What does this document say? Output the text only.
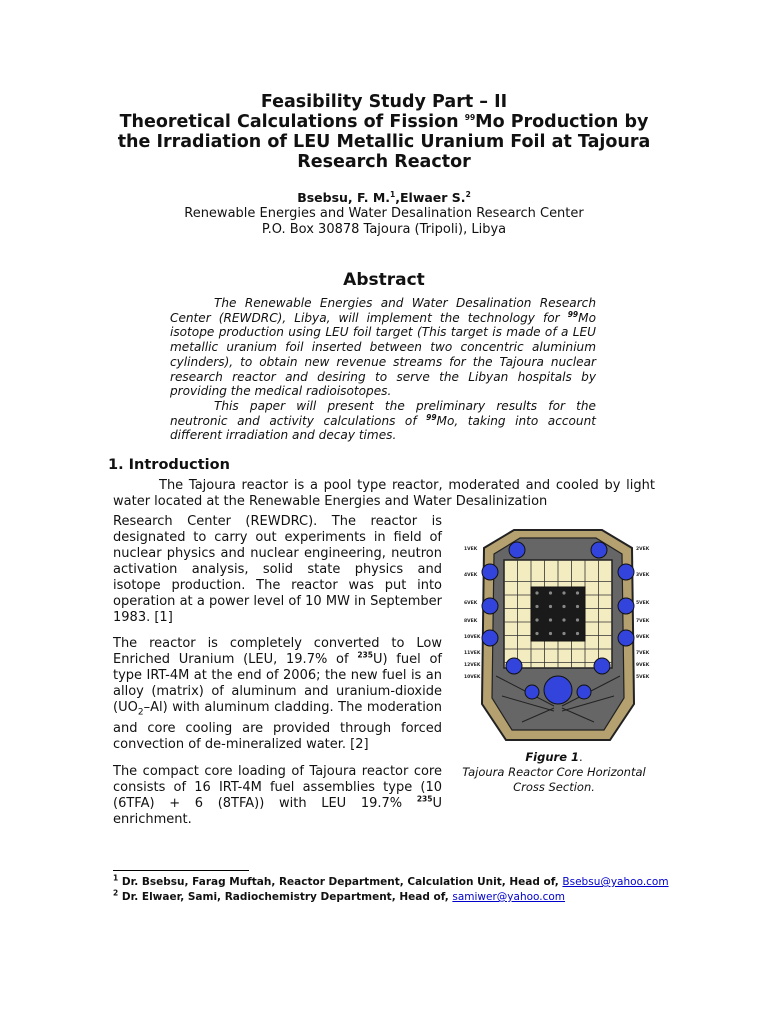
Feasibility Study Part – II
Theoretical Calculations of Fission $^{99}$Mo Production by
the Irradiation of LEU Metallic Uranium Foil at Tajoura
Research Reactor
Bsebsu, F. M.$^1$,Elwaer S.$^2$
Renewable Energies and Water Desalination Research Center
P.O. Box 30878 Tajoura (Tripoli), Libya
Abstract

The Renewable Energies and Water Desalination Research Center (REWDRC), Libya, will implement the technology for $^{99}$Mo isotope production using LEU foil target (This target is made of a LEU metallic uranium foil inserted between two concentric aluminium cylinders), to obtain new revenue streams for the Tajoura nuclear research reactor and desiring to serve the Libyan hospitals by providing the medical radioisotopes.

This paper will present the preliminary results for the neutronic and activity calculations of $^{99}$Mo, taking into account different irradiation and decay times.

1. Introduction

The Tajoura reactor is a pool type reactor, moderated and cooled by light water located at the Renewable Energies and Water Desalinization

Research Center (REWDRC). The reactor is designated to carry out experiments in field of nuclear physics and nuclear engineering, neutron activation analysis, solid state physics and isotope production. The reactor was put into operation at a power level of 10 MW in September 1983. [1]

The reactor is completely converted to Low Enriched Uranium (LEU, 19.7% of $^{235}$U) fuel of type IRT-4M at the end of 2006; the new fuel is an alloy (matrix) of aluminum and uranium-dioxide $(UO_2-Al)$ with aluminum cladding. The moderation and core cooling are provided through forced convection of de-mineralized water. [2]

The compact core loading of Tajoura reactor core consists of 16 IRT-4M fuel assemblies type (10 (6TFA) + 6 (8TFA)) with LEU 19.7% $^{235}$U enrichment.

1VEK
4VEK
6VEK
8VEK
10VEK
11VEK
12VEK
10VEK
2VEK
3VEK
5VEK
7VEK
9VEK
7VEK
9VEK
5VEK
Figure 1.
Tajoura Reactor Core Horizontal
Cross Section.
$^1$ Dr. Bsebsu, Farag Muftah, Reactor Department, Calculation Unit, Head of, Bsebsu@yahoo.com
$^2$ Dr. Elwaer, Sami, Radiochemistry Department, Head of, samiwer@yahoo.com
